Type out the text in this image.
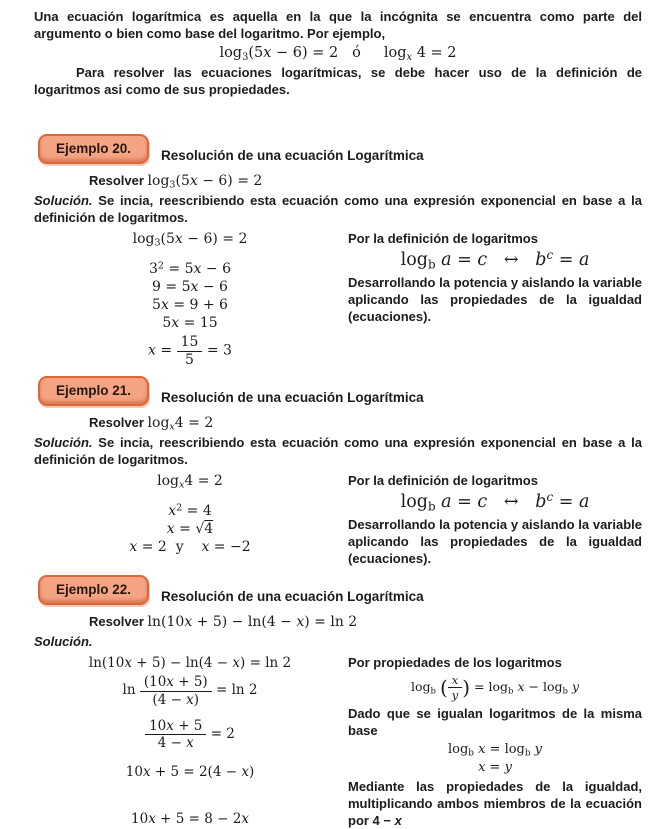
Una ecuación logarítmica es aquella en la que la incógnita se encuentra como parte del argumento o bien como base del logaritmo. Por ejemplo,

$\log_3(5x - 6) = 2$   ó     $\log_x 4 = 2$

Para resolver las ecuaciones logarítmicas, se debe hacer uso de la definición de logaritmos asi como de sus propiedades.

Ejemplo 20.	Resolución de una ecuación Logarítmica
Resolver $\log_3(5x - 6) = 2$

Solución. Se incia, reescribiendo esta ecuación como una expresión exponencial en base a la definición de logaritmos.

$\log_3(5x - 6) = 2$
$3^2 = 5x - 6$
9 = 5x − 6
5x = 9 + 6
5x = 15
$x = \frac{15}{5} = 3$
Por la definición de logaritmos
$\log_b a = c$   ↔   $b^c = a$
Desarrollando la potencia y aislando la variable aplicando las propiedades de la igualdad (ecuaciones).
Ejemplo 21.	Resolución de una ecuación Logarítmica
Resolver $\log_x4 = 2$

Solución. Se incia, reescribiendo esta ecuación como una expresión exponencial en base a la definición de logaritmos.

$\log_x4 = 2$
$x^2 = 4$
x = √4
x = 2  y    x = −2
Por la definición de logaritmos
$\log_b a = c$   ↔   $b^c = a$
Desarrollando la potencia y aislando la variable aplicando las propiedades de la igualdad (ecuaciones).
Ejemplo 22.	Resolución de una ecuación Logarítmica
Resolver ln(10x + 5) − ln(4 − x) = ln 2

Solución.

ln(10x + 5) − ln(4 − x) = ln 2
$\ln \frac{(10x + 5)}{(4 - x)} = \ln 2$
$\frac{10x + 5}{4 - x} = 2$
10x + 5 = 2(4 − x)
10x + 5 = 8 − 2x
Por propiedades de los logaritmos
$\log_b$ ( $\frac{x}{y}$ ) = $\log_b x - \log_b y$
Dado que se igualan logaritmos de la misma base
$\log_b x = \log_b y$
x = y
Mediante las propiedades de la igualdad, multiplicando ambos miembros de la ecuación por 4 − x
